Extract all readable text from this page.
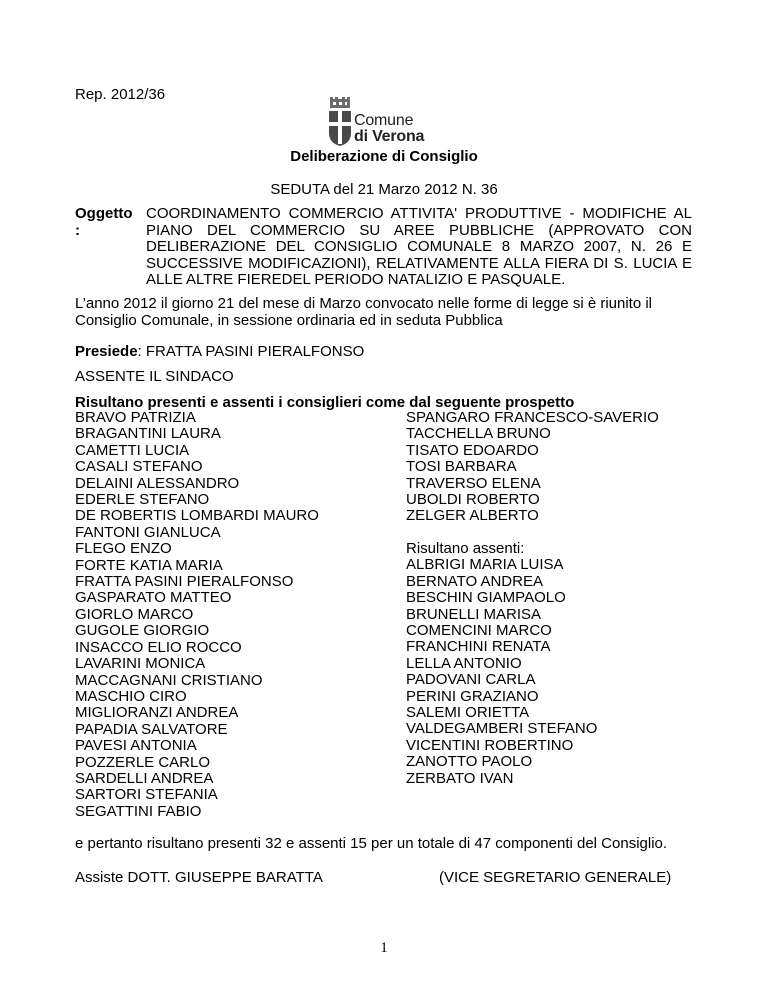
Rep. 2012/36
Comune
di Verona
Deliberazione di Consiglio
SEDUTA del 21 Marzo 2012 N. 36
Oggetto :
COORDINAMENTO COMMERCIO ATTIVITA' PRODUTTIVE - MODIFICHE AL PIANO DEL COMMERCIO SU AREE PUBBLICHE (APPROVATO CON DELIBERAZIONE DEL CONSIGLIO COMUNALE 8 MARZO 2007, N. 26 E SUCCESSIVE MODIFICAZIONI), RELATIVAMENTE ALLA FIERA DI S. LUCIA E ALLE ALTRE FIEREDEL PERIODO NATALIZIO E PASQUALE.
L’anno 2012 il giorno 21 del mese di Marzo convocato nelle forme di legge si è riunito il Consiglio Comunale, in sessione ordinaria ed in seduta Pubblica
Presiede: FRATTA PASINI PIERALFONSO
ASSENTE IL SINDACO
Risultano presenti e assenti i consiglieri come dal seguente prospetto
BRAVO PATRIZIA
BRAGANTINI LAURA
CAMETTI LUCIA
CASALI STEFANO
DELAINI ALESSANDRO
EDERLE STEFANO
DE ROBERTIS LOMBARDI MAURO
FANTONI GIANLUCA
FLEGO ENZO
FORTE KATIA MARIA
FRATTA PASINI PIERALFONSO
GASPARATO MATTEO
GIORLO MARCO
GUGOLE GIORGIO
INSACCO ELIO ROCCO
LAVARINI MONICA
MACCAGNANI CRISTIANO
MASCHIO CIRO
MIGLIORANZI ANDREA
PAPADIA SALVATORE
PAVESI ANTONIA
POZZERLE CARLO
SARDELLI ANDREA
SARTORI STEFANIA
SEGATTINI FABIO
SPANGARO FRANCESCO-SAVERIO
TACCHELLA BRUNO
TISATO EDOARDO
TOSI BARBARA
TRAVERSO ELENA
UBOLDI ROBERTO
ZELGER ALBERTO
Risultano assenti:
ALBRIGI MARIA LUISA
BERNATO ANDREA
BESCHIN GIAMPAOLO
BRUNELLI MARISA
COMENCINI MARCO
FRANCHINI RENATA
LELLA ANTONIO
PADOVANI CARLA
PERINI GRAZIANO
SALEMI ORIETTA
VALDEGAMBERI STEFANO
VICENTINI ROBERTINO
ZANOTTO PAOLO
ZERBATO IVAN
e pertanto risultano presenti 32 e assenti 15 per un totale di 47 componenti del Consiglio.
Assiste DOTT. GIUSEPPE BARATTA	(VICE SEGRETARIO GENERALE)
1
